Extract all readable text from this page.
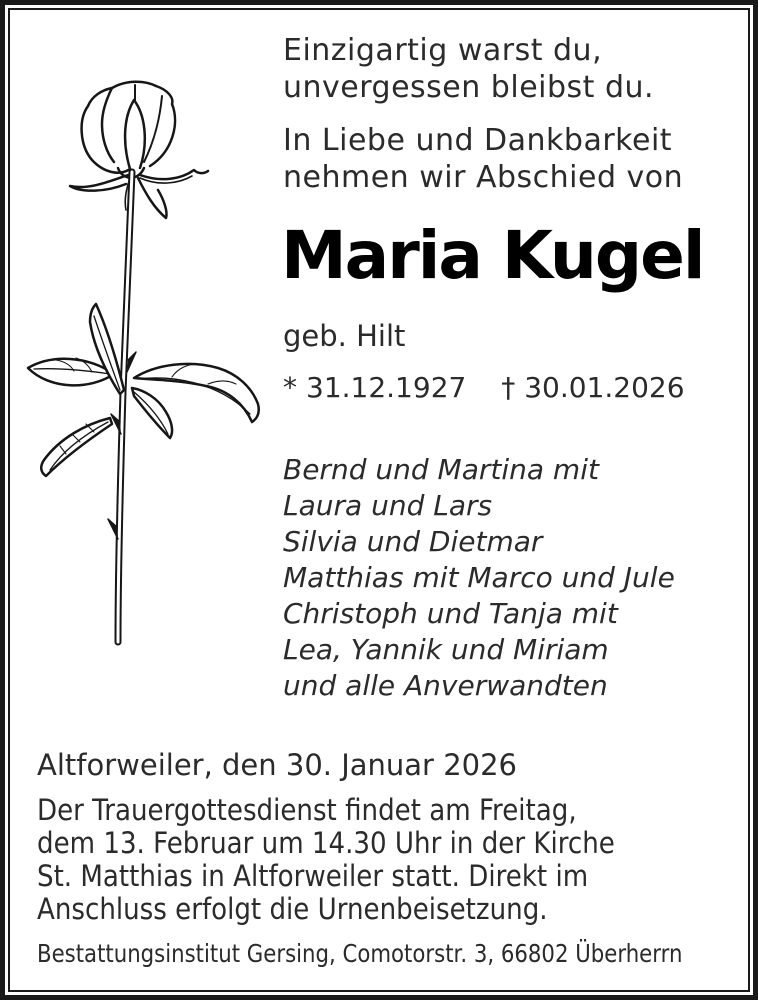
Einzigartig warst du,
unvergessen bleibst du.
In Liebe und Dankbarkeit
nehmen wir Abschied von
Maria Kugel
geb. Hilt
* 31.12.1927 † 30.01.2026
Bernd und Martina mit
Laura und Lars
Silvia und Dietmar
Matthias mit Marco und Jule
Christoph und Tanja mit
Lea, Yannik und Miriam
und alle Anverwandten
Altforweiler, den 30. Januar 2026
Der Trauergottesdienst findet am Freitag,
dem 13. Februar um 14.30 Uhr in der Kirche
St. Matthias in Altforweiler statt. Direkt im
Anschluss erfolgt die Urnenbeisetzung.
Bestattungsinstitut Gersing, Comotorstr. 3, 66802 Überherrn
